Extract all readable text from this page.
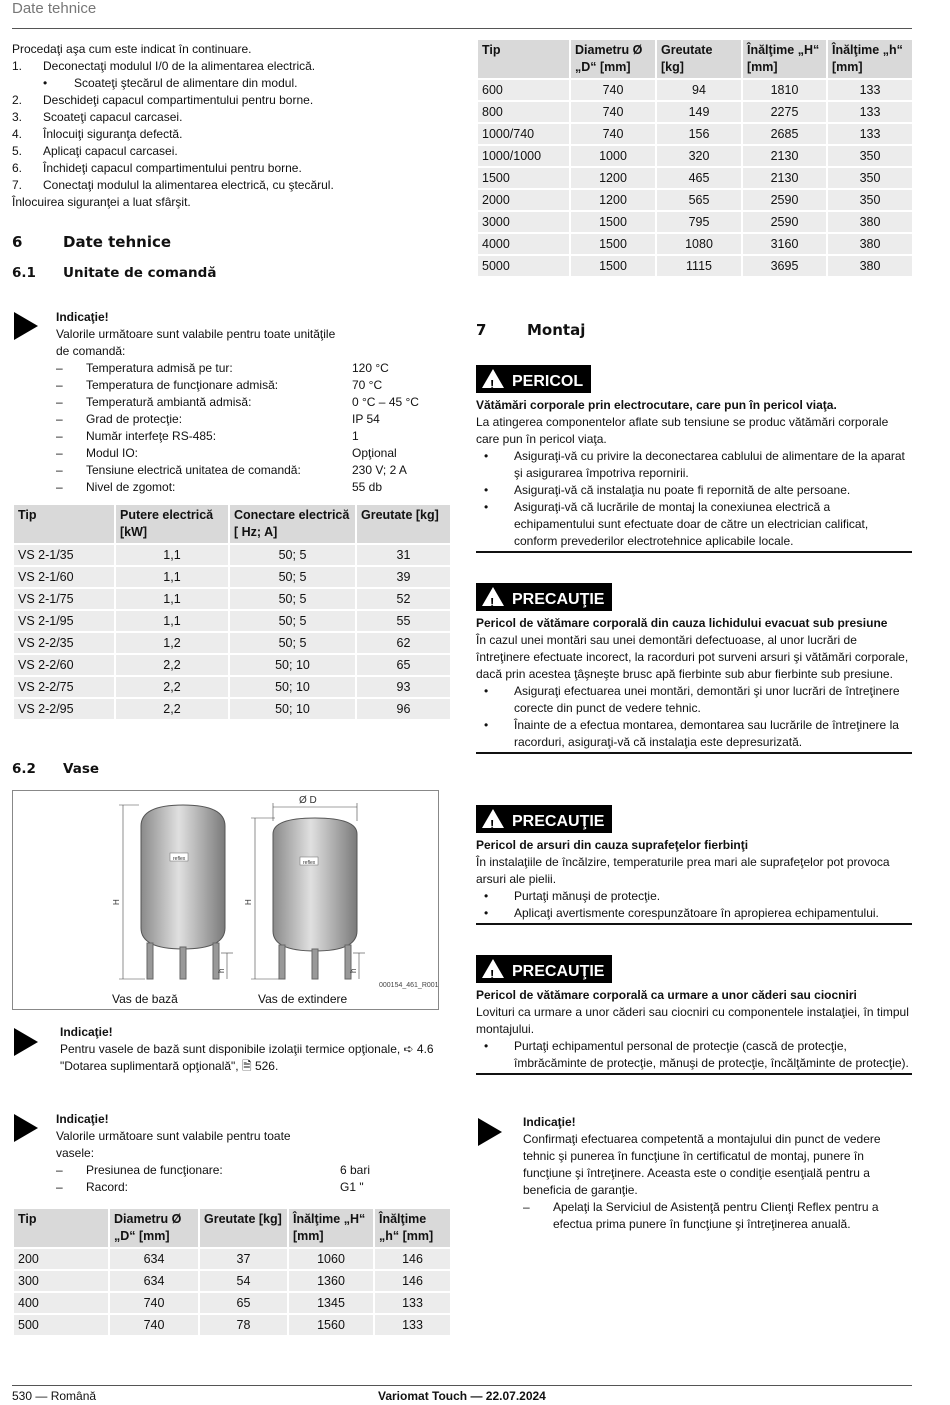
Date tehnice
Procedaţi aşa cum este indicat în continuare.
1. Deconectaţi modulul I/0 de la alimentarea electrică.
• Scoateţi ştecărul de alimentare din modul.
2. Deschideţi capacul compartimentului pentru borne.
3. Scoateţi capacul carcasei.
4. Înlocuiţi siguranţa defectă.
5. Aplicaţi capacul carcasei.
6. Închideţi capacul compartimentului pentru borne.
7. Conectaţi modulul la alimentarea electrică, cu ştecărul.
Înlocuirea siguranţei a luat sfârşit.
6	Date tehnice
6.1 Unitate de comandă
Indicaţie!
Valorile următoare sunt valabile pentru toate unităţile
de comandă:
– Temperatura admisă pe tur:	120 °C
– Temperatura de funcţionare admisă:	70 °C
– Temperatură ambiantă admisă:	0 °C – 45 °C
– Grad de protecţie:	IP 54
– Număr interfeţe RS-485:	1
– Modul IO:	Opţional
– Tensiune electrică unitatea de comandă:	230 V; 2 A
– Nivel de zgomot:	55 db
Tip	Putere electrică [kW]	Conectare electrică [ Hz; A]	Greutate [kg]
VS 2-1/35	1,1	50; 5	31
VS 2-1/60	1,1	50; 5	39
VS 2-1/75	1,1	50; 5	52
VS 2-1/95	1,1	50; 5	55
VS 2-2/35	1,2	50; 5	62
VS 2-2/60	2,2	50; 10	65
VS 2-2/75	2,2	50; 10	93
VS 2-2/95	2,2	50; 10	96
6.2 Vase
reflex
H
h
reflex
Ø D
H
h
000154_461_R001
Vas de bază	Vas de extindere
Indicaţie!
Pentru vasele de bază sunt disponibile izolaţii termice opţionale, ➪ 4.6
"Dotarea suplimentară opţională", 🗎 526.
Indicaţie!
Valorile următoare sunt valabile pentru toate
vasele:
– Presiunea de funcţionare:	6 bari
– Racord:	G1 "
Tip	Diametru Ø „D“ [mm]	Greutate [kg]	Înălţime „H“ [mm]	Înălţime „h“ [mm]
200	634	37	1060	146
300	634	54	1360	146
400	740	65	1345	133
500	740	78	1560	133
Tip	Diametru Ø „D“ [mm]	Greutate [kg]	Înălţime „H“ [mm]	Înălţime „h“ [mm]
600	740	94	1810	133
800	740	149	2275	133
1000/740	740	156	2685	133
1000/1000	1000	320	2130	350
1500	1200	465	2130	350
2000	1200	565	2590	350
3000	1500	795	2590	380
4000	1500	1080	3160	380
5000	1500	1115	3695	380
7	Montaj
! PERICOL
Vătămări corporale prin electrocutare, care pun în pericol viaţa.
La atingerea componentelor aflate sub tensiune se produc vătămări corporale care pun în pericol viaţa.
•	Asiguraţi-vă cu privire la deconectarea cablului de alimentare de la aparat şi asigurarea împotriva repornirii.
•	Asiguraţi-vă că instalaţia nu poate fi repornită de alte persoane.
•	Asiguraţi-vă că lucrările de montaj la conexiunea electrică a echipamentului sunt efectuate doar de către un electrician calificat, conform prevederilor electrotehnice aplicabile locale.
! PRECAUŢIE
Pericol de vătămare corporală din cauza lichidului evacuat sub presiune
În cazul unei montări sau unei demontări defectuoase, al unor lucrări de întreţinere efectuate incorect, la racorduri pot surveni arsuri şi vătămări corporale, dacă prin acestea ţâşneşte brusc apă fierbinte sub abur fierbinte sub presiune.
•	Asiguraţi efectuarea unei montări, demontări şi unor lucrări de întreţinere corecte din punct de vedere tehnic.
•	Înainte de a efectua montarea, demontarea sau lucrările de întreţinere la racorduri, asiguraţi-vă că instalaţia este depresurizată.
! PRECAUŢIE
Pericol de arsuri din cauza suprafeţelor fierbinţi
În instalaţiile de încălzire, temperaturile prea mari ale suprafeţelor pot provoca arsuri ale pielii.
•	Purtaţi mănuşi de protecţie.
•	Aplicaţi avertismente corespunzătoare în apropierea echipamentului.
! PRECAUŢIE
Pericol de vătămare corporală ca urmare a unor căderi sau ciocniri
Lovituri ca urmare a unor căderi sau ciocniri cu componentele instalaţiei, în timpul montajului.
•	Purtaţi echipamentul personal de protecţie (cască de protecţie, îmbrăcăminte de protecţie, mănuşi de protecţie, încălţăminte de protecţie).
Indicaţie!
Confirmaţi efectuarea competentă a montajului din punct de vedere tehnic şi punerea în funcţiune în certificatul de montaj, punere în funcţiune şi întreţinere. Aceasta este o condiţie esenţială pentru a beneficia de garanţie.
–	Apelaţi la Serviciul de Asistenţă pentru Clienţi Reflex pentru a efectua prima punere în funcţiune şi întreţinerea anuală.
530 — Română	Variomat Touch — 22.07.2024
